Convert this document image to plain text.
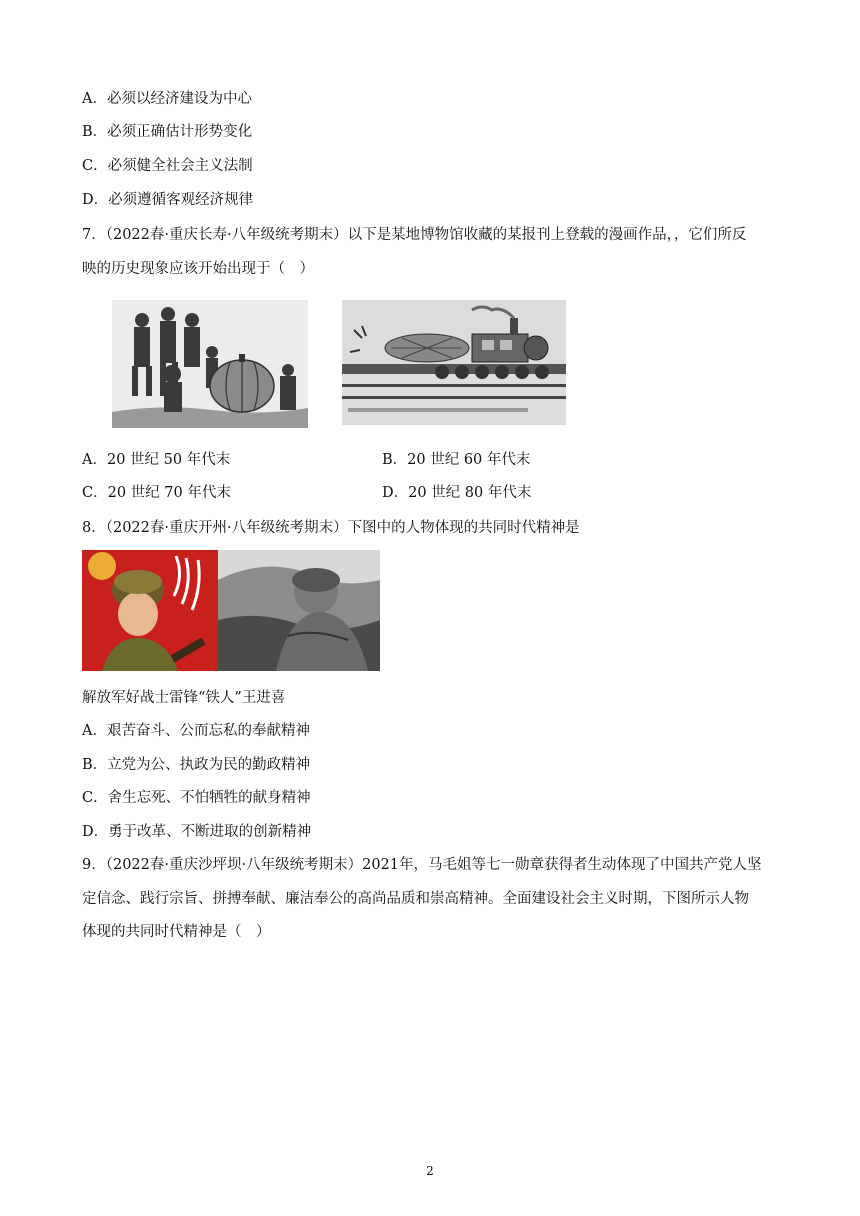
A．必须以经济建设为中心
B．必须正确估计形势变化
C．必须健全社会主义法制
D．必须遵循客观经济规律
7．（2022春·重庆长寿·八年级统考期末）以下是某地博物馆收藏的某报刊上登载的漫画作品，，它们所反
映的历史现象应该开始出现于（　）
A．20 世纪 50 年代末	B．20 世纪 60 年代末
C．20 世纪 70 年代末	D．20 世纪 80 年代末
8．（2022春·重庆开州·八年级统考期末）下图中的人物体现的共同时代精神是
解放军好战士雷锋“铁人”王进喜
A．艰苦奋斗、公而忘私的奉献精神
B．立党为公、执政为民的勤政精神
C．舍生忘死、不怕牺牲的献身精神
D．勇于改革、不断进取的创新精神
9．（2022春·重庆沙坪坝·八年级统考期末）2021年，马毛姐等七一勋章获得者生动体现了中国共产党人坚
定信念、践行宗旨、拼搏奉献、廉洁奉公的高尚品质和崇高精神。全面建设社会主义时期，下图所示人物
体现的共同时代精神是（　）
2
